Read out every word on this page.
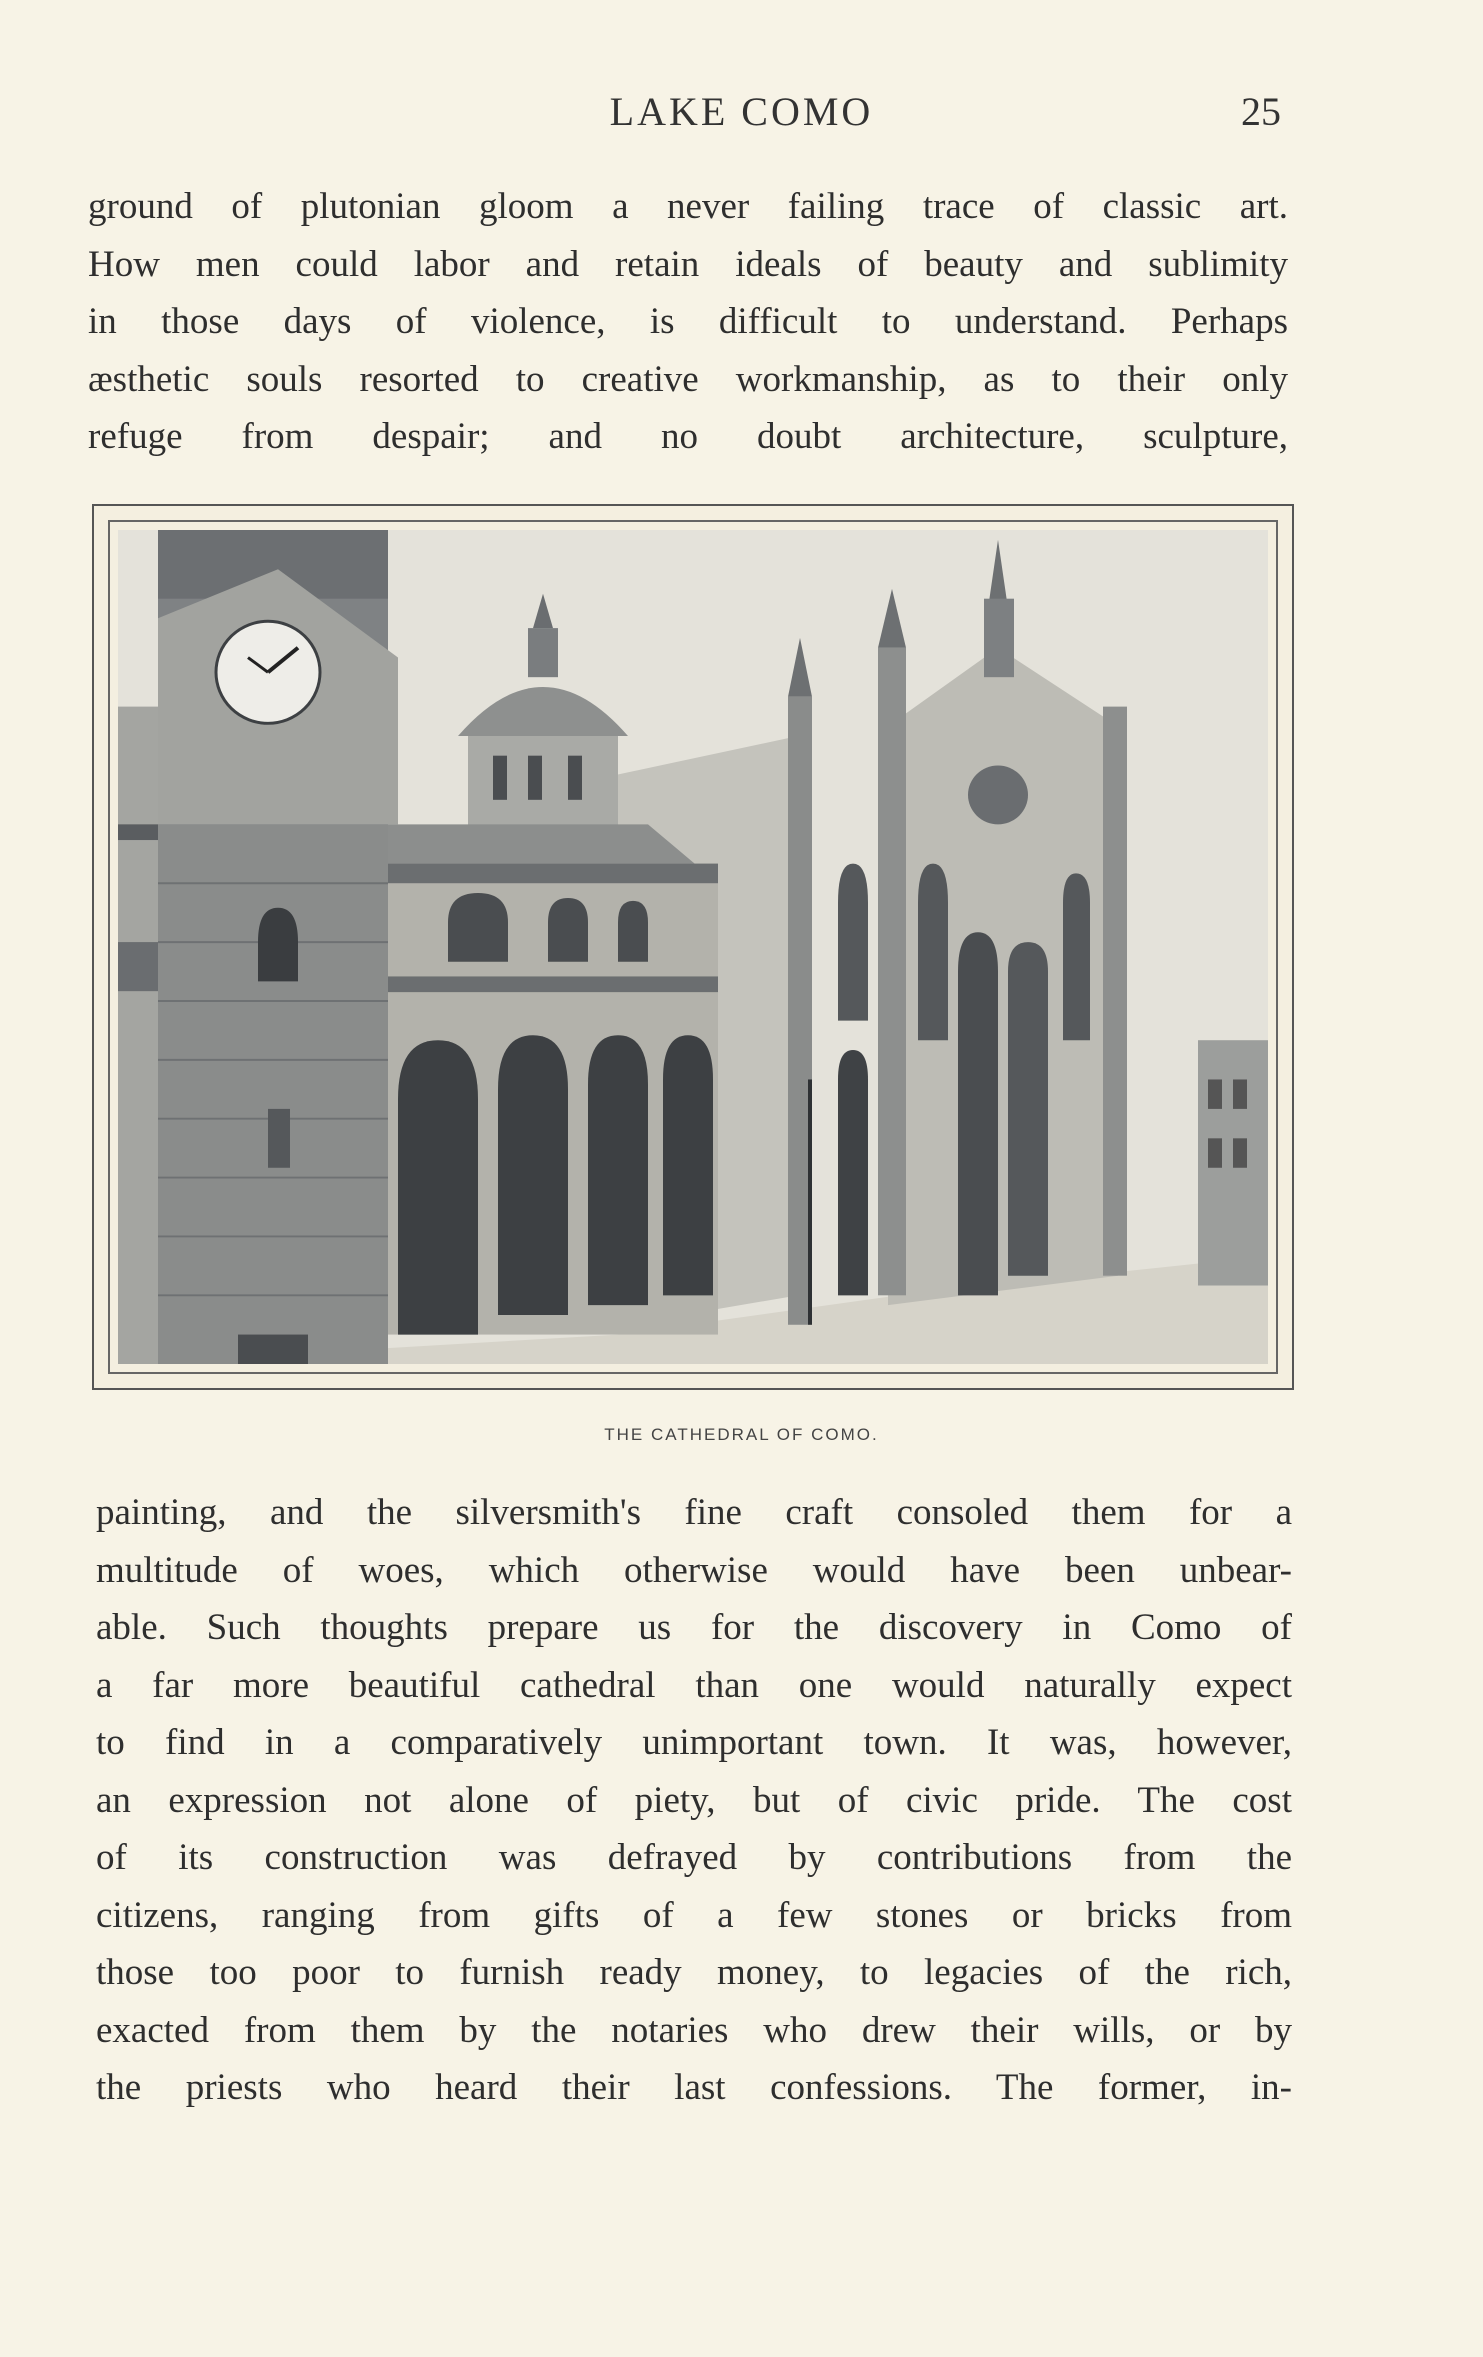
LAKE COMO	25
ground of plutonian gloom a never failing trace of classic art.
How men could labor and retain ideals of beauty and sublimity
in those days of violence, is difficult to understand. Perhaps
æsthetic souls resorted to creative workmanship, as to their only
refuge from despair; and no doubt architecture, sculpture,
THE CATHEDRAL OF COMO.
painting, and the silversmith's fine craft consoled them for a
multitude of woes, which otherwise would have been unbear-
able. Such thoughts prepare us for the discovery in Como of
a far more beautiful cathedral than one would naturally expect
to find in a comparatively unimportant town. It was, however,
an expression not alone of piety, but of civic pride. The cost
of its construction was defrayed by contributions from the
citizens, ranging from gifts of a few stones or bricks from
those too poor to furnish ready money, to legacies of the rich,
exacted from them by the notaries who drew their wills, or by
the priests who heard their last confessions. The former, in-
